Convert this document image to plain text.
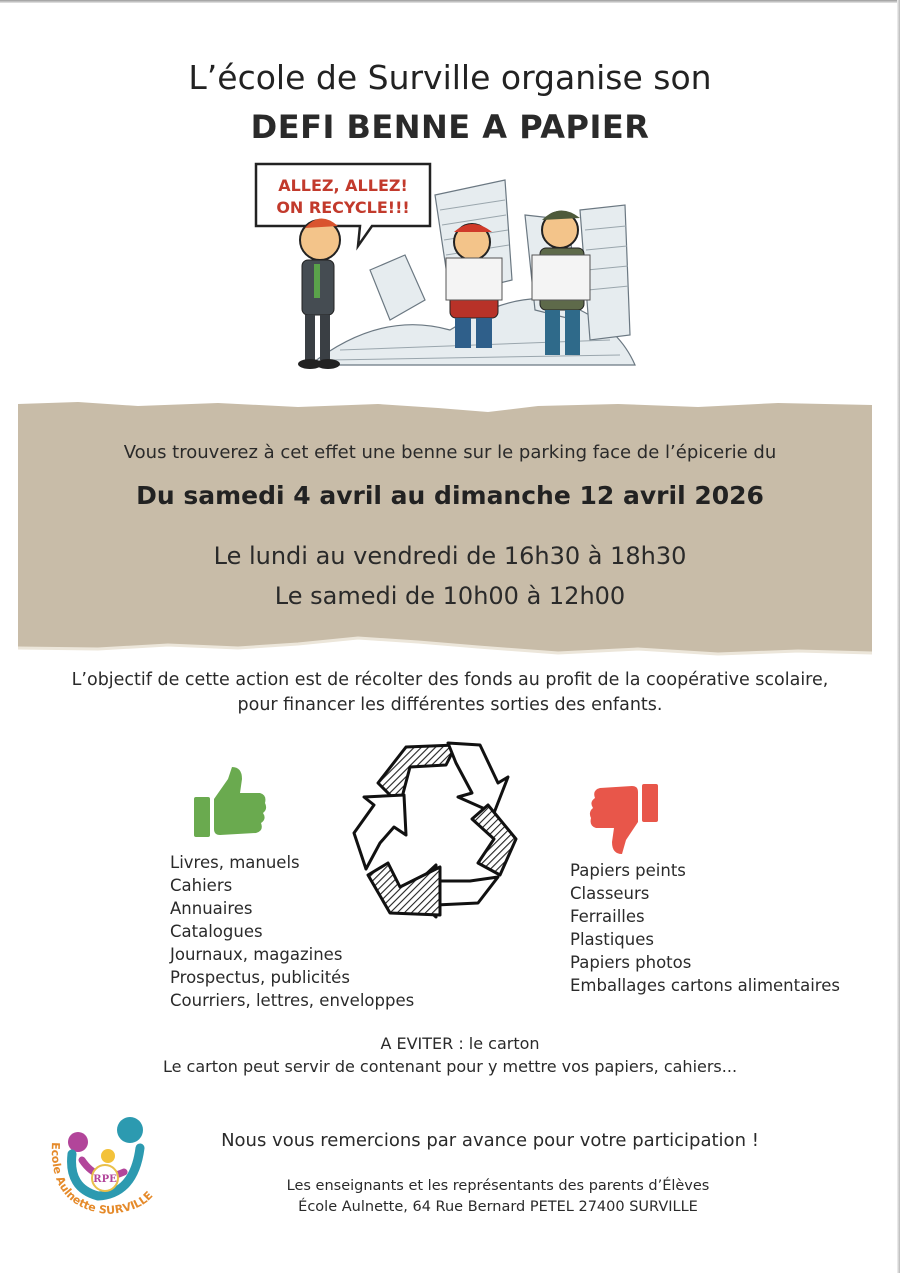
L’école de Surville organise son
DEFI BENNE A PAPIER
ALLEZ, ALLEZ!
ON RECYCLE!!!

Vous trouverez à cet effet une benne sur le parking face de l’épicerie du

Du samedi 4 avril au dimanche 12 avril 2026

Le lundi au vendredi de 16h30 à 18h30

Le samedi de 10h00 à 12h00

L’objectif de cette action est de récolter des fonds au profit de la coopérative scolaire,

pour financer les différentes sorties des enfants.

Livres, manuels
Cahiers
Annuaires
Catalogues
Journaux, magazines
Prospectus, publicités
Courriers, lettres, enveloppes
Papiers peints
Classeurs
Ferrailles
Plastiques
Papiers photos
Emballages cartons alimentaires

A EVITER : le carton

Le carton peut servir de contenant pour y mettre vos papiers, cahiers...

Nous vous remercions par avance pour votre participation !

Les enseignants et les représentants des parents d’Élèves

École Aulnette, 64 Rue Bernard PETEL 27400 SURVILLE

RPE
Ecole Aulnette SURVILLE
